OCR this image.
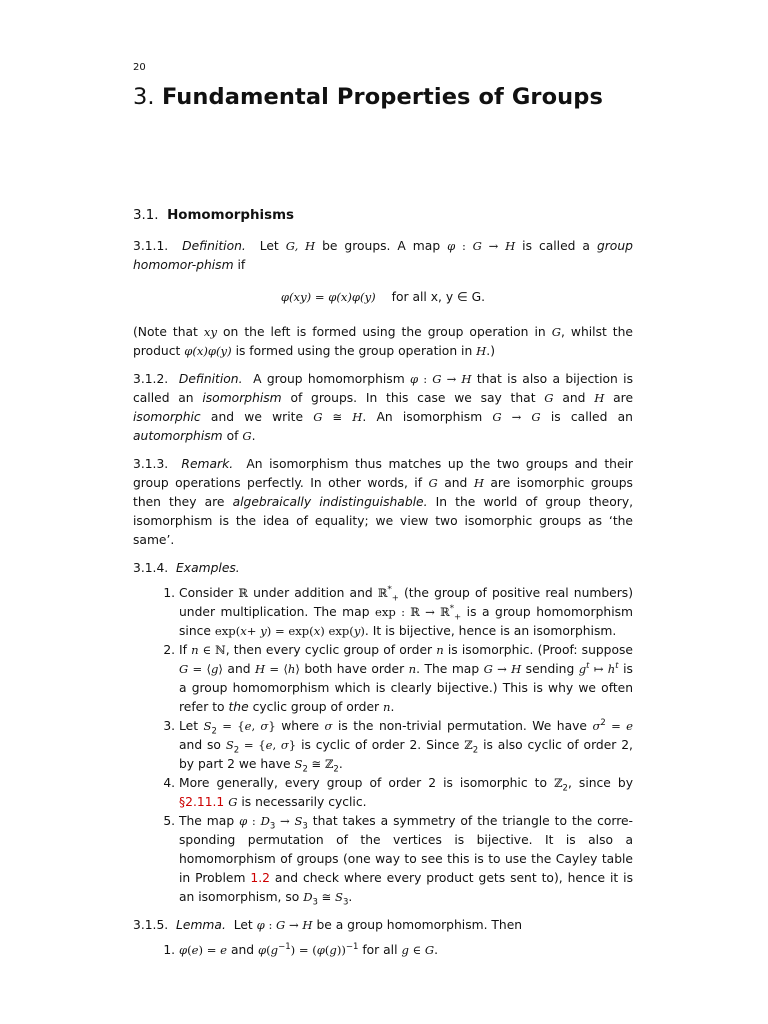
20
3. Fundamental Properties of Groups
3.1. Homomorphisms

3.1.1. Definition. Let G, H be groups. A map φ : G → H is called a group homomor-phism if

φ(xy) = φ(x)φ(y) for all x, y ∈ G.

(Note that xy on the left is formed using the group operation in G, whilst the product φ(x)φ(y) is formed using the group operation in H.)

3.1.2. Definition. A group homomorphism φ : G → H that is also a bijection is called an isomorphism of groups. In this case we say that G and H are isomorphic and we write G ≅ H. An isomorphism G → G is called an automorphism of G.

3.1.3. Remark. An isomorphism thus matches up the two groups and their group operations perfectly. In other words, if G and H are isomorphic groups then they are algebraically indistinguishable. In the world of group theory, isomorphism is the idea of equality; we view two isomorphic groups as ‘the same’.

3.1.4. Examples.

1. Consider ℝ under addition and ℝ*$_+$ (the group of positive real numbers) under multiplication. The map exp : ℝ → ℝ*$_+$ is a group homomorphism since exp(x+ y) = exp(x) exp(y). It is bijective, hence is an isomorphism.
2. If n ∈ ℕ, then every cyclic group of order n is isomorphic. (Proof: suppose G = ⟨g⟩ and H = ⟨h⟩ both have order n. The map G → H sending $g^t$ ↦ $h^t$ is a group homomorphism which is clearly bijective.) This is why we often refer to the cyclic group of order n.
3. Let $S_2 = \{e$, σ} where σ is the non-trivial permutation. We have $\sigma^2 = e$ and so $S_2 = \{e$, σ} is cyclic of order 2. Since ℤ$_2$ is also cyclic of order 2, by part 2 we have $S_2$ ≅ ℤ$_2$.
4. More generally, every group of order 2 is isomorphic to ℤ$_2$, since by §2.11.1 G is necessarily cyclic.
5. The map φ : $D_3 \to S_3$ that takes a symmetry of the triangle to the corre-sponding permutation of the vertices is bijective. It is also a homomorphism of groups (one way to see this is to use the Cayley table in Problem 1.2 and check where every product gets sent to), hence it is an isomorphism, so $D_3$ ≅ $S_3$.

3.1.5. Lemma. Let φ : G → H be a group homomorphism. Then

1. φ(e) = e and $\varphi(g^{-1}) = (\varphi(g))^{-1}$ for all g ∈ G.
